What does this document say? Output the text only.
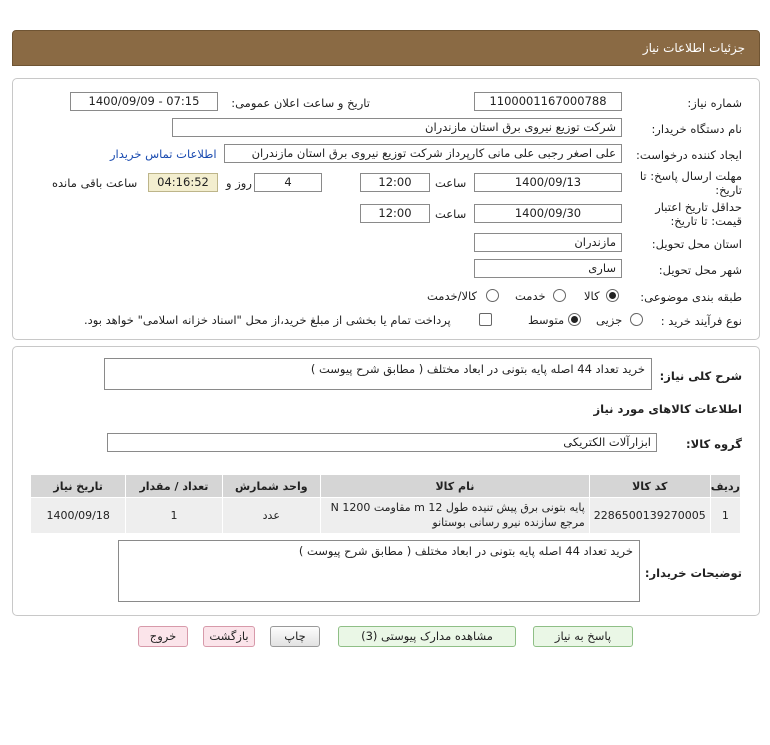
جزئیات اطلاعات نیاز
شماره نیاز:
1100001167000788
تاریخ و ساعت اعلان عمومی:
1400/09/09 - 07:15
نام دستگاه خریدار:
شرکت توزیع نیروی برق استان مازندران
ایجاد کننده درخواست:
علی اصغر رجبی علی مانی کارپرداز شرکت توزیع نیروی برق استان مازندران
اطلاعات تماس خریدار
مهلت ارسال پاسخ: تا
تاریخ:
1400/09/13
ساعت
12:00
4
روز و
04:16:52
ساعت باقی مانده
حداقل تاریخ اعتبار
قیمت: تا تاریخ:
1400/09/30
ساعت
12:00
استان محل تحویل:
مازندران
شهر محل تحویل:
ساری
طبقه بندی موضوعی:
کالا
خدمت
کالا/خدمت
نوع فرآیند خرید :
جزیی
متوسط
پرداخت تمام یا بخشی از مبلغ خرید،از محل "اسناد خزانه اسلامی" خواهد بود.
شرح کلی نیاز:
خرید تعداد 44 اصله پایه بتونی در ابعاد مختلف ( مطابق شرح پیوست )
اطلاعات کالاهای مورد نیاز
گروه کالا:
ابزارآلات الکتریکی
تاریخ نیاز	تعداد / مقدار	واحد شمارش	نام کالا	کد کالا	ردیف
1400/09/18	1	عدد	پایه بتونی برق پیش تنیده طول m 12 مقاومت N 1200 مرجع سازنده نیرو رسانی بوستانو	2286500139270005	1
توضیحات خریدار:
خرید تعداد 44 اصله پایه بتونی در ابعاد مختلف ( مطابق شرح پیوست )
پاسخ به نیاز
مشاهده مدارک پیوستی (3)
چاپ
بازگشت
خروج
